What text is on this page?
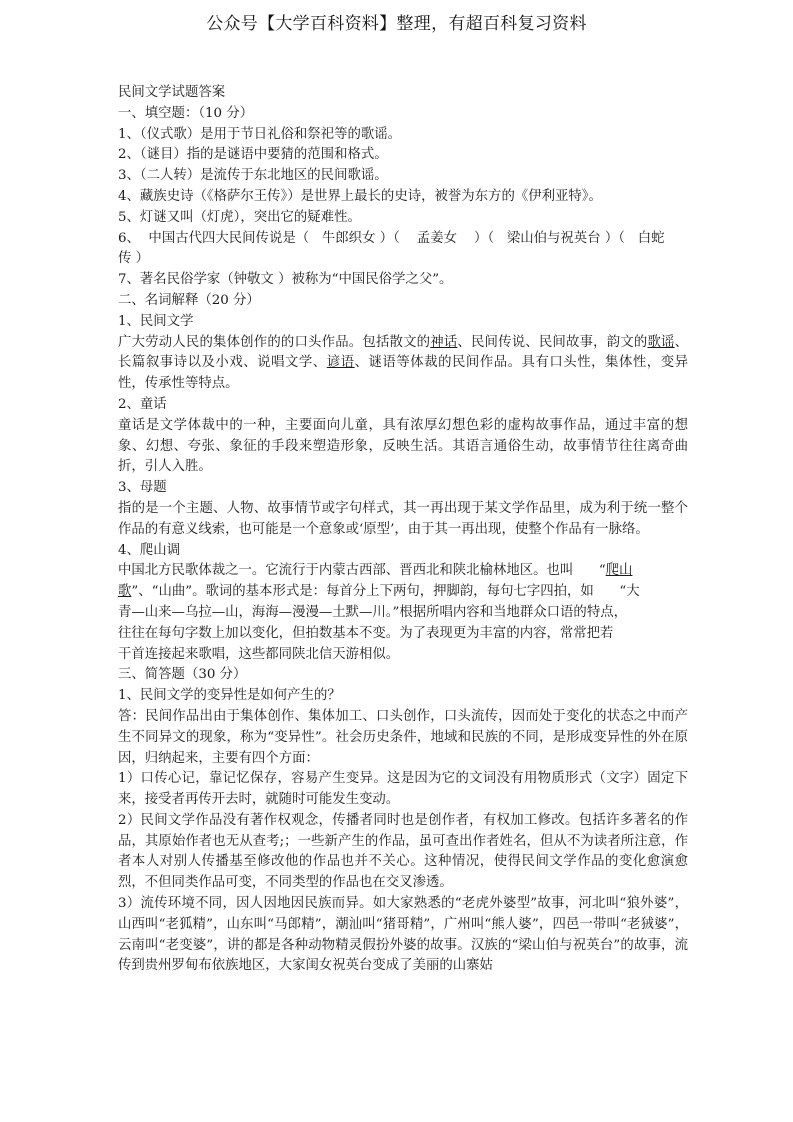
公众号【大学百科资料】整理，有超百科复习资料
民间文学试题答案
一、填空题：（10 分）
1、（仪式歌）是用于节日礼俗和祭祀等的歌谣。
2、（谜目）指的是谜语中要猜的范围和格式。
3、（二人转）是流传于东北地区的民间歌谣。
4、藏族史诗（《格萨尔王传》）是世界上最长的史诗，被誉为东方的《伊利亚特》。
5、灯谜又叫（灯虎），突出它的疑难性。
6、  中国古代四大民间传说是（   牛郎织女 ）（    孟姜女    ）（   梁山伯与祝英台 ）（   白蛇
传 ）
7、著名民俗学家（钟敬文 ）被称为“中国民俗学之父”。
二、名词解释（20 分）
1、民间文学
广大劳动人民的集体创作的的口头作品。包括散文的神话、民间传说、民间故事，韵文的歌谣、长篇叙事诗以及小戏、说唱文学、谚语、谜语等体裁的民间作品。具有口头性，集体性，变异性，传承性等特点。
2、童话
童话是文学体裁中的一种，主要面向儿童，具有浓厚幻想色彩的虚构故事作品，通过丰富的想象、幻想、夸张、象征的手段来塑造形象，反映生活。其语言通俗生动，故事情节往往离奇曲折，引人入胜。
3、母题
指的是一个主题、人物、故事情节或字句样式，其一再出现于某文学作品里，成为利于统一整个作品的有意义线索，也可能是一个意象或‘原型’，由于其一再出现，使整个作品有一脉络。
4、爬山调
中国北方民歌体裁之一。它流行于内蒙古西部、晋西北和陕北榆林地区。也叫      “爬山
歌”、“山曲”。歌词的基本形式是：每首分上下两句，押脚韵，每句七字四拍，如      “大
青—山来—乌拉—山，海海—漫漫—土默—川。”根据所唱内容和当地群众口语的特点，
往往在每句字数上加以变化，但拍数基本不变。为了表现更为丰富的内容，常常把若
干首连接起来歌唱，这些都同陕北信天游相似。
三、简答题（30 分）
1、民间文学的变异性是如何产生的？
答：民间作品出由于集体创作、集体加工、口头创作，口头流传，因而处于变化的状态之中而产生不同异文的现象，称为“变异性”。社会历史条件，地域和民族的不同，是形成变异性的外在原因，归纳起来，主要有四个方面：
1）口传心记，靠记忆保存，容易产生变异。这是因为它的文词没有用物质形式（文字）固定下来，接受者再传开去时，就随时可能发生变动。
2）民间文学作品没有著作权观念，传播者同时也是创作者，有权加工修改。包括许多著名的作品，其原始作者也无从查考;；一些新产生的作品，虽可查出作者姓名，但从不为读者所注意，作者本人对别人传播基至修改他的作品也并不关心。这种情况，使得民间文学作品的变化愈演愈烈，不但同类作品可变，不同类型的作品也在交叉渗透。
3）流传环境不同，因人因地因民族而异。如大家熟悉的“老虎外婆型”故事，河北叫“狼外婆”，山西叫“老狐精”，山东叫“马郎精”，潮汕叫“猪哥精”，广州叫“熊人婆”，四邑一带叫“老狨婆”，云南叫“老变婆”，讲的都是各种动物精灵假扮外婆的故事。汉族的“梁山伯与祝英台”的故事，流传到贵州罗甸布依族地区，大家闺女祝英台变成了美丽的山寨姑
